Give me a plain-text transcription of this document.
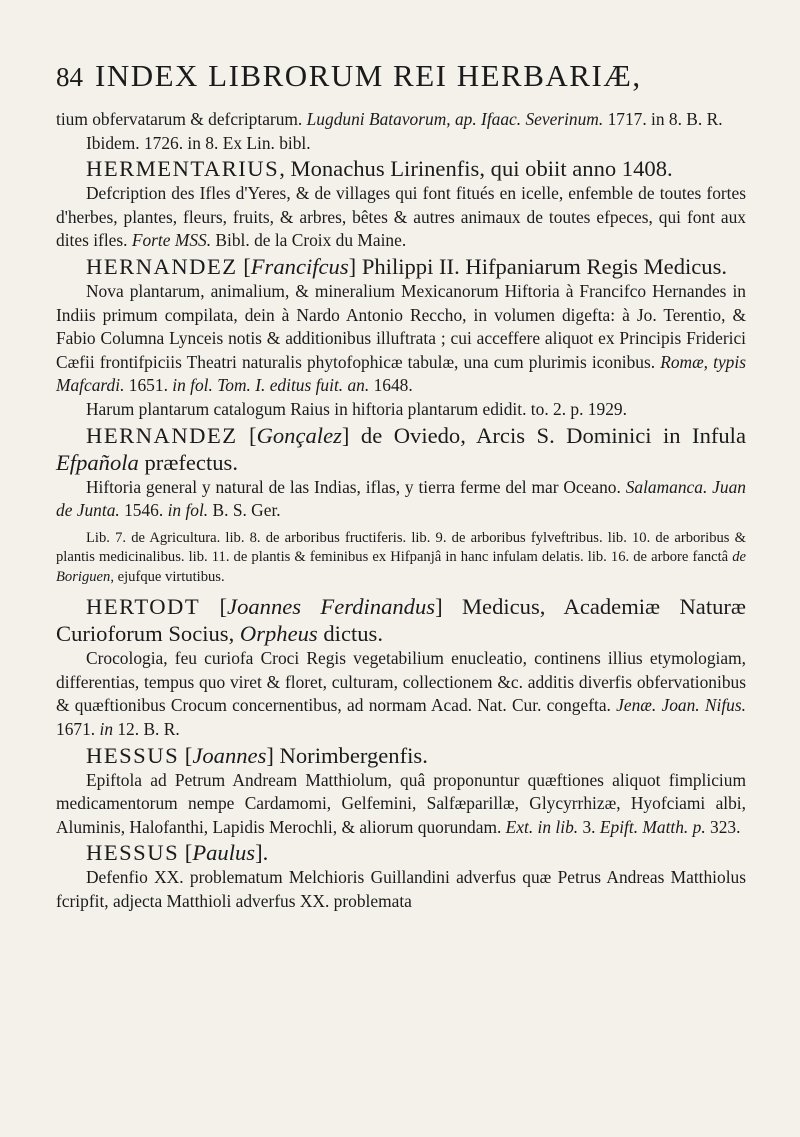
84 INDEX LIBRORUM REI HERBARIÆ,

tium obfervatarum & defcriptarum. Lugduni Batavorum, ap. Ifaac. Severinum. 1717. in 8. B. R.

Ibidem. 1726. in 8. Ex Lin. bibl.

HERMENTARIUS, Monachus Lirinenfis, qui obiit anno 1408.

Defcription des Ifles d'Yeres, & de villages qui font fitués en icelle, enfemble de toutes fortes d'herbes, plantes, fleurs, fruits, & arbres, bêtes & autres animaux de toutes efpeces, qui font aux dites ifles. Forte MSS. Bibl. de la Croix du Maine.

HERNANDEZ [Francifcus] Philippi II. Hifpaniarum Regis Medicus.

Nova plantarum, animalium, & mineralium Mexicanorum Hiftoria à Francifco Hernandes in Indiis primum compilata, dein à Nardo Antonio Reccho, in volumen digefta: à Jo. Terentio, & Fabio Columna Lynceis notis & additionibus illuftrata ; cui acceffere aliquot ex Principis Friderici Cæfii frontifpiciis Theatri naturalis phytofophicæ tabulæ, una cum plurimis iconibus. Romæ, typis Mafcardi. 1651. in fol. Tom. I. editus fuit. an. 1648.

Harum plantarum catalogum Raius in hiftoria plantarum edidit. to. 2. p. 1929.

HERNANDEZ [Gonçalez] de Oviedo, Arcis S. Dominici in Infula Efpañola præfectus.

Hiftoria general y natural de las Indias, iflas, y tierra ferme del mar Oceano. Salamanca. Juan de Junta. 1546. in fol. B. S. Ger.

Lib. 7. de Agricultura. lib. 8. de arboribus fructiferis. lib. 9. de arboribus fylveftribus. lib. 10. de arboribus & plantis medicinalibus. lib. 11. de plantis & feminibus ex Hifpanjâ in hanc infulam delatis. lib. 16. de arbore fanctâ de Boriguen, ejufque virtutibus.

HERTODT [Joannes Ferdinandus] Medicus, Academiæ Naturæ Curioforum Socius, Orpheus dictus.

Crocologia, feu curiofa Croci Regis vegetabilium enucleatio, continens illius etymologiam, differentias, tempus quo viret & floret, culturam, collectionem &c. additis diverfis obfervationibus & quæftionibus Crocum concernentibus, ad normam Acad. Nat. Cur. congefta. Jenæ. Joan. Nifus. 1671. in 12. B. R.

HESSUS [Joannes] Norimbergenfis.

Epiftola ad Petrum Andream Matthiolum, quâ proponuntur quæftiones aliquot fimplicium medicamentorum nempe Cardamomi, Gelfemini, Salfæparillæ, Glycyrrhizæ, Hyofciami albi, Aluminis, Halofanthi, Lapidis Merochli, & aliorum quorundam. Ext. in lib. 3. Epift. Matth. p. 323.

HESSUS [Paulus].

Defenfio XX. problematum Melchioris Guillandini adverfus quæ Petrus Andreas Matthiolus fcripfit, adjecta Matthioli adverfus XX. problemata
